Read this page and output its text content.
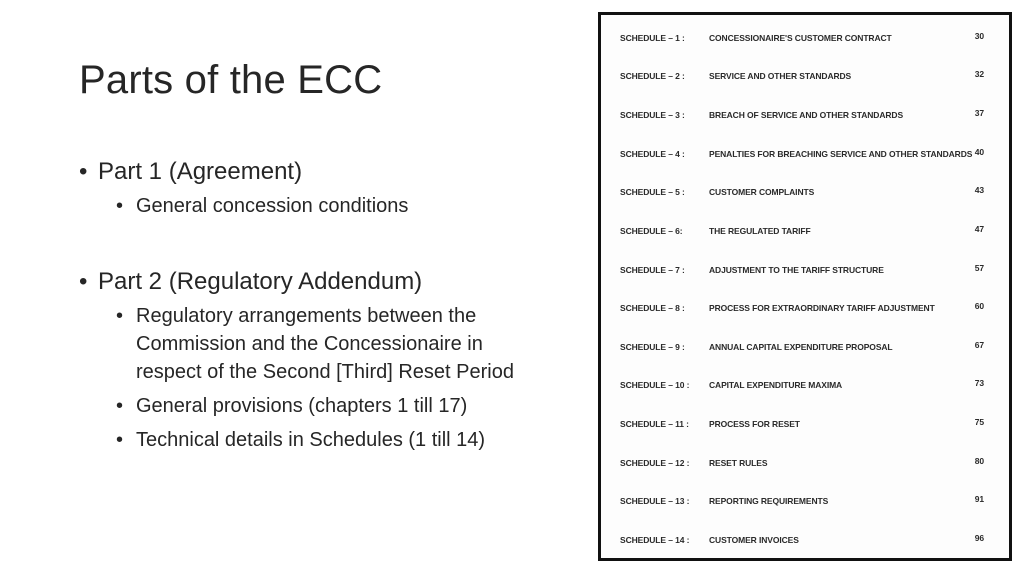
Parts of the ECC

• Part 1 (Agreement)

• General concession conditions

• Part 2 (Regulatory Addendum)

• Regulatory arrangements between the Commission and the Concessionaire in respect of the Second [Third] Reset Period

• General provisions (chapters 1 till 17)

• Technical details in Schedules (1 till 14)

SCHEDULE – 1 :	CONCESSIONAIRE'S CUSTOMER CONTRACT	30
SCHEDULE – 2 :	SERVICE AND OTHER STANDARDS	32
SCHEDULE – 3 :	BREACH OF SERVICE AND OTHER STANDARDS	37
SCHEDULE – 4 :	PENALTIES FOR BREACHING SERVICE AND OTHER STANDARDS 40
SCHEDULE – 5 :	CUSTOMER COMPLAINTS	43
SCHEDULE – 6:	THE REGULATED TARIFF	47
SCHEDULE – 7 :	ADJUSTMENT TO THE TARIFF STRUCTURE	57
SCHEDULE – 8 :	PROCESS FOR EXTRAORDINARY TARIFF ADJUSTMENT	60
SCHEDULE – 9 :	ANNUAL CAPITAL EXPENDITURE PROPOSAL	67
SCHEDULE – 10 : CAPITAL EXPENDITURE MAXIMA	73
SCHEDULE – 11 : PROCESS FOR RESET	75
SCHEDULE – 12 : RESET RULES	80
SCHEDULE – 13 : REPORTING REQUIREMENTS	91
SCHEDULE – 14 : CUSTOMER INVOICES	96
